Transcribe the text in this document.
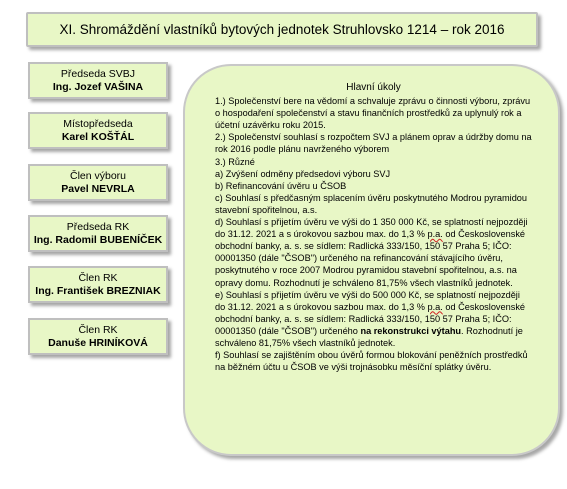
XI. Shromáždění vlastníků bytových jednotek Struhlovsko 1214 – rok 2016
Předseda SVBJ
Ing. Jozef VAŠINA
Místopředseda
Karel KOŠŤÁL
Člen výboru
Pavel NEVRLA
Předseda RK
Ing. Radomil BUBENÍČEK
Člen RK
Ing. František BREZNIAK
Člen RK
Danuše HRINÍKOVÁ
Hlavní úkoly

1.) Společenství bere na vědomí a schvaluje zprávu o činnosti výboru, zprávu o hospodaření společenství a stavu finančních prostředků za uplynulý rok a účetní uzávěrku roku 2015.

2.) Společenství souhlasí s rozpočtem SVJ a plánem oprav a údržby domu na rok 2016 podle plánu navrženého výborem

3.) Různé

a) Zvýšení odměny předsedovi výboru SVJ

b) Refinancování úvěru u ČSOB

c) Souhlasí s předčasným splacením úvěru poskytnutého Modrou pyramidou stavební spořitelnou, a.s.

d) Souhlasí s přijetím úvěru ve výši do 1 350 000 Kč, se splatností nejpozději do 31.12. 2021 a s úrokovou sazbou max. do 1,3 % p.a. od Československé obchodní banky, a. s. se sídlem: Radlická 333/150, 150 57 Praha 5; IČO: 00001350 (dále "ČSOB") určeného na refinancování stávajícího úvěru, poskytnutého v roce 2007 Modrou pyramidou stavební spořitelnou, a.s. na opravy domu. Rozhodnutí je schváleno 81,75% všech vlastníků jednotek.

e) Souhlasí s přijetím úvěru ve výši do 500 000 Kč, se splatností nejpozději do 31.12. 2021 a s úrokovou sazbou max. do 1,3 % p.a. od Československé obchodní banky, a. s. se sídlem: Radlická 333/150, 150 57 Praha 5; IČO: 00001350 (dále "ČSOB") určeného na rekonstrukci výtahu. Rozhodnutí je schváleno 81,75% všech vlastníků jednotek.

f) Souhlasí se zajištěním obou úvěrů formou blokování peněžních prostředků na běžném účtu u ČSOB ve výši trojnásobku měsíční splátky úvěru.
